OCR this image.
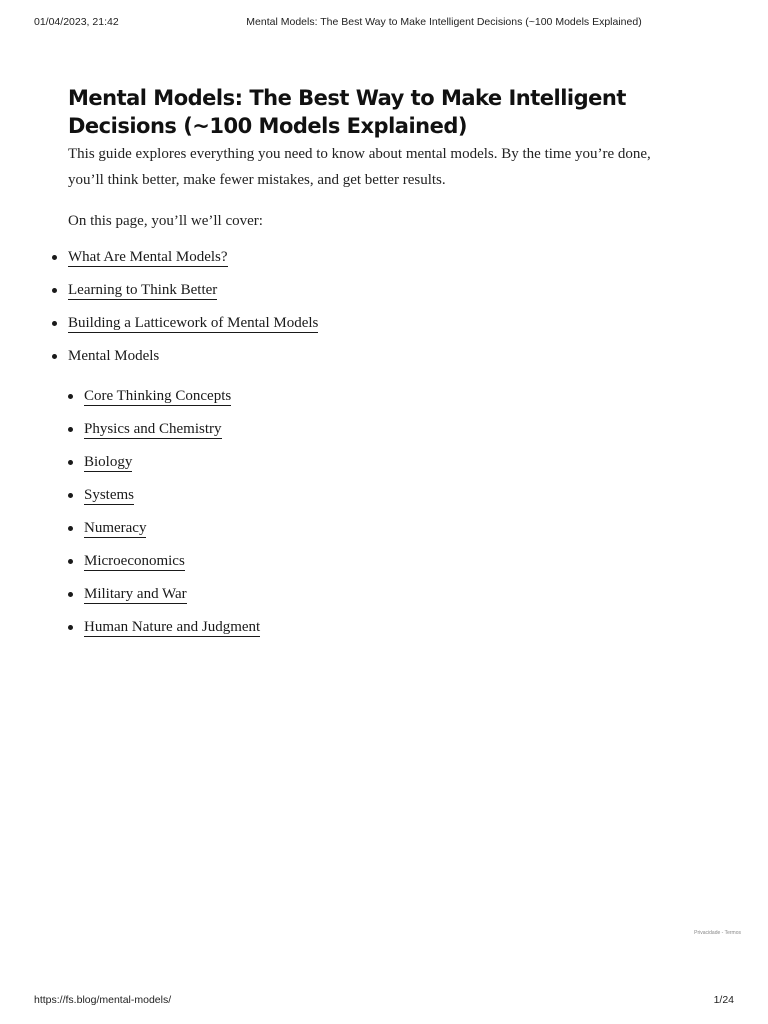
01/04/2023, 21:42	Mental Models: The Best Way to Make Intelligent Decisions (~100 Models Explained)
Mental Models: The Best Way to Make Intelligent Decisions (~100 Models Explained)

This guide explores everything you need to know about mental models. By the time you’re done, you’ll think better, make fewer mistakes, and get better results.

On this page, you’ll we’ll cover:

What Are Mental Models?
Learning to Think Better
Building a Latticework of Mental Models
Mental Models
Core Thinking Concepts
Physics and Chemistry
Biology
Systems
Numeracy
Microeconomics
Military and War
Human Nature and Judgment
Privacidade - Termos
https://fs.blog/mental-models/	1/24
